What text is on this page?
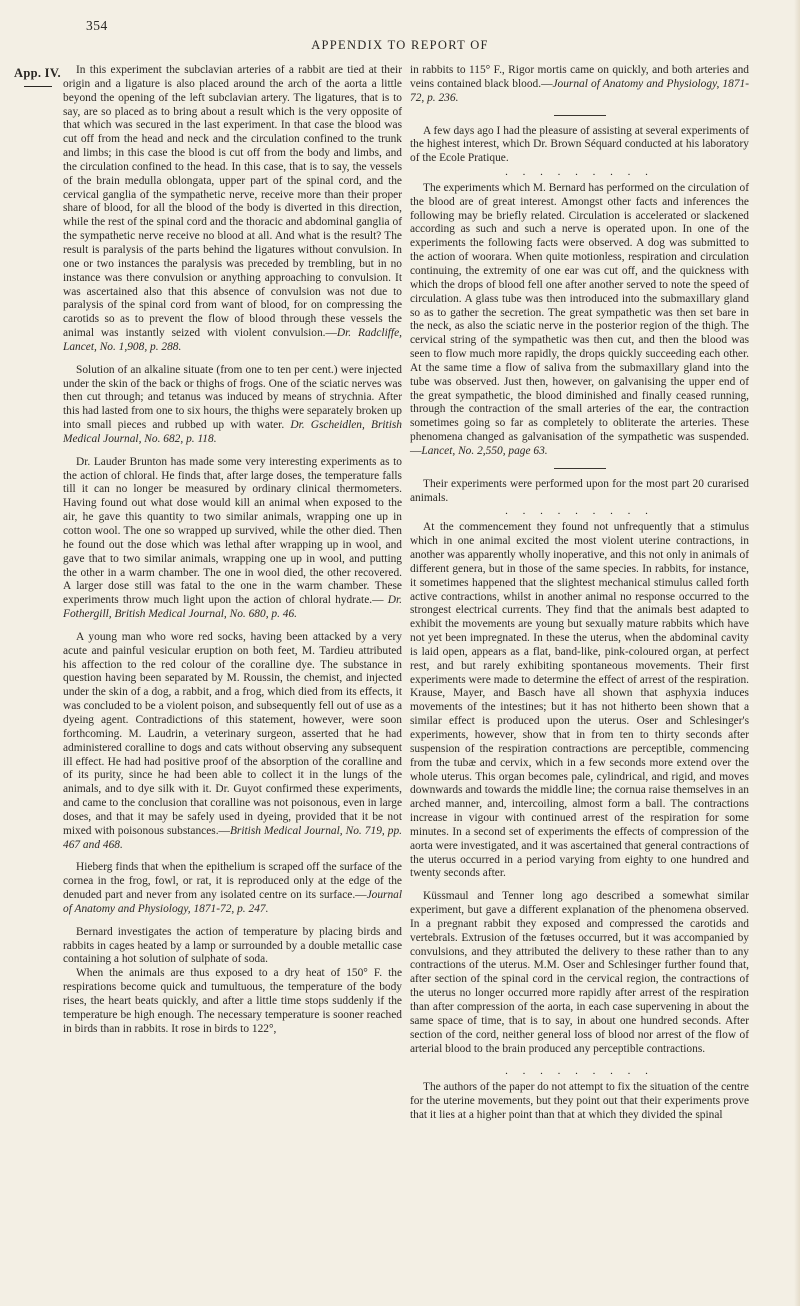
354
APPENDIX TO REPORT OF
App. IV.	In this experiment the subclavian arteries of a rabbit are tied at their origin and a ligature is also placed around the arch of the aorta a little beyond the opening of the left subclavian artery. The ligatures, that is to say, are so placed as to bring about a result which is the very opposite of that which was secured in the last experiment. In that case the blood was cut off from the head and neck and the circulation confined to the trunk and limbs; in this case the blood is cut off from the body and limbs, and the circulation confined to the head. In this case, that is to say, the vessels of the brain medulla oblongata, upper part of the spinal cord, and the cervical ganglia of the sympathetic nerve, receive more than their proper share of blood, for all the blood of the body is diverted in this direction, while the rest of the spinal cord and the thoracic and abdominal ganglia of the sympathetic nerve receive no blood at all. And what is the result? The result is paralysis of the parts behind the ligatures without convulsion. In one or two instances the paralysis was preceded by trembling, but in no instance was there convulsion or anything approaching to convulsion. It was ascertained also that this absence of convulsion was not due to paralysis of the spinal cord from want of blood, for on compressing the carotids so as to prevent the flow of blood through these vessels the animal was instantly seized with violent convulsion.—Dr. Radcliffe, Lancet, No. 1,908, p. 288.

Solution of an alkaline situate (from one to ten per cent.) were injected under the skin of the back or thighs of frogs. One of the sciatic nerves was then cut through; and tetanus was induced by means of strychnia. After this had lasted from one to six hours, the thighs were separately broken up into small pieces and rubbed up with water. Dr. Gscheidlen, British Medical Journal, No. 682, p. 118.

Dr. Lauder Brunton has made some very interesting experiments as to the action of chloral. He finds that, after large doses, the temperature falls till it can no longer be measured by ordinary clinical thermometers. Having found out what dose would kill an animal when exposed to the air, he gave this quantity to two similar animals, wrapping one up in cotton wool. The one so wrapped up survived, while the other died. Then he found out the dose which was lethal after wrapping up in wool, and gave that to two similar animals, wrapping one up in wool, and putting the other in a warm chamber. The one in wool died, the other recovered. A larger dose still was fatal to the one in the warm chamber. These experiments throw much light upon the action of chloral hydrate.— Dr. Fothergill, British Medical Journal, No. 680, p. 46.

A young man who wore red socks, having been attacked by a very acute and painful vesicular eruption on both feet, M. Tardieu attributed his affection to the red colour of the coralline dye. The substance in question having been separated by M. Roussin, the chemist, and injected under the skin of a dog, a rabbit, and a frog, which died from its effects, it was concluded to be a violent poison, and subsequently fell out of use as a dyeing agent. Contradictions of this statement, however, were soon forthcoming. M. Laudrin, a veterinary surgeon, asserted that he had administered coralline to dogs and cats without observing any subsequent ill effect. He had had positive proof of the absorption of the coralline and of its purity, since he had been able to collect it in the lungs of the animals, and to dye silk with it. Dr. Guyot confirmed these experiments, and came to the conclusion that coralline was not poisonous, even in large doses, and that it may be safely used in dyeing, provided that it be not mixed with poisonous substances.—British Medical Journal, No. 719, pp. 467 and 468.

Hieberg finds that when the epithelium is scraped off the surface of the cornea in the frog, fowl, or rat, it is reproduced only at the edge of the denuded part and never from any isolated centre on its surface.—Journal of Anatomy and Physiology, 1871-72, p. 247.

Bernard investigates the action of temperature by placing birds and rabbits in cages heated by a lamp or surrounded by a double metallic case containing a hot solution of sulphate of soda.

When the animals are thus exposed to a dry heat of 150° F. the respirations become quick and tumultuous, the temperature of the body rises, the heart beats quickly, and after a little time stops suddenly if the temperature be high enough. The necessary temperature is sooner reached in birds than in rabbits. It rose in birds to 122°,

in rabbits to 115° F., Rigor mortis came on quickly, and both arteries and veins contained black blood.—Journal of Anatomy and Physiology, 1871-72, p. 236.

A few days ago I had the pleasure of assisting at several experiments of the highest interest, which Dr. Brown Séquard conducted at his laboratory of the Ecole Pratique.

. . . . . . . . .

The experiments which M. Bernard has performed on the circulation of the blood are of great interest. Amongst other facts and inferences the following may be briefly related. Circulation is accelerated or slackened according as such and such a nerve is operated upon. In one of the experiments the following facts were observed. A dog was submitted to the action of woorara. When quite motionless, respiration and circulation continuing, the extremity of one ear was cut off, and the quickness with which the drops of blood fell one after another served to note the speed of circulation. A glass tube was then introduced into the submaxillary gland so as to gather the secretion. The great sympathetic was then set bare in the neck, as also the sciatic nerve in the posterior region of the thigh. The cervical string of the sympathetic was then cut, and then the blood was seen to flow much more rapidly, the drops quickly succeeding each other. At the same time a flow of saliva from the submaxillary gland into the tube was observed. Just then, however, on galvanising the upper end of the great sympathetic, the blood diminished and finally ceased running, through the contraction of the small arteries of the ear, the contraction sometimes going so far as completely to obliterate the arteries. These phenomena changed as galvanisation of the sympathetic was suspended.—Lancet, No. 2,550, page 63.

Their experiments were performed upon for the most part 20 curarised animals.

. . . . . . . . .

At the commencement they found not unfrequently that a stimulus which in one animal excited the most violent uterine contractions, in another was apparently wholly inoperative, and this not only in animals of different genera, but in those of the same species. In rabbits, for instance, it sometimes happened that the slightest mechanical stimulus called forth active contractions, whilst in another animal no response occurred to the strongest electrical currents. They find that the animals best adapted to exhibit the movements are young but sexually mature rabbits which have not yet been impregnated. In these the uterus, when the abdominal cavity is laid open, appears as a flat, band-like, pink-coloured organ, at perfect rest, and but rarely exhibiting spontaneous movements. Their first experiments were made to determine the effect of arrest of the respiration. Krause, Mayer, and Basch have all shown that asphyxia induces movements of the intestines; but it has not hitherto been shown that a similar effect is produced upon the uterus. Oser and Schlesinger's experiments, however, show that in from ten to thirty seconds after suspension of the respiration contractions are perceptible, commencing from the tubæ and cervix, which in a few seconds more extend over the whole uterus. This organ becomes pale, cylindrical, and rigid, and moves downwards and towards the middle line; the cornua raise themselves in an arched manner, and, intercoiling, almost form a ball. The contractions increase in vigour with continued arrest of the respiration for some minutes. In a second set of experiments the effects of compression of the aorta were investigated, and it was ascertained that general contractions of the uterus occurred in a period varying from eighty to one hundred and twenty seconds after.

Küssmaul and Tenner long ago described a somewhat similar experiment, but gave a different explanation of the phenomena observed. In a pregnant rabbit they exposed and compressed the carotids and vertebrals. Extrusion of the fœtuses occurred, but it was accompanied by convulsions, and they attributed the delivery to these rather than to any contractions of the uterus. M.M. Oser and Schlesinger further found that, after section of the spinal cord in the cervical region, the contractions of the uterus no longer occurred more rapidly after arrest of the respiration than after compression of the aorta, in each case supervening in about the same space of time, that is to say, in about one hundred seconds. After section of the cord, neither general loss of blood nor arrest of the flow of arterial blood to the brain produced any perceptible contractions.

. . . . . . . . .

The authors of the paper do not attempt to fix the situation of the centre for the uterine movements, but they point out that their experiments prove that it lies at a higher point than that at which they divided the spinal
